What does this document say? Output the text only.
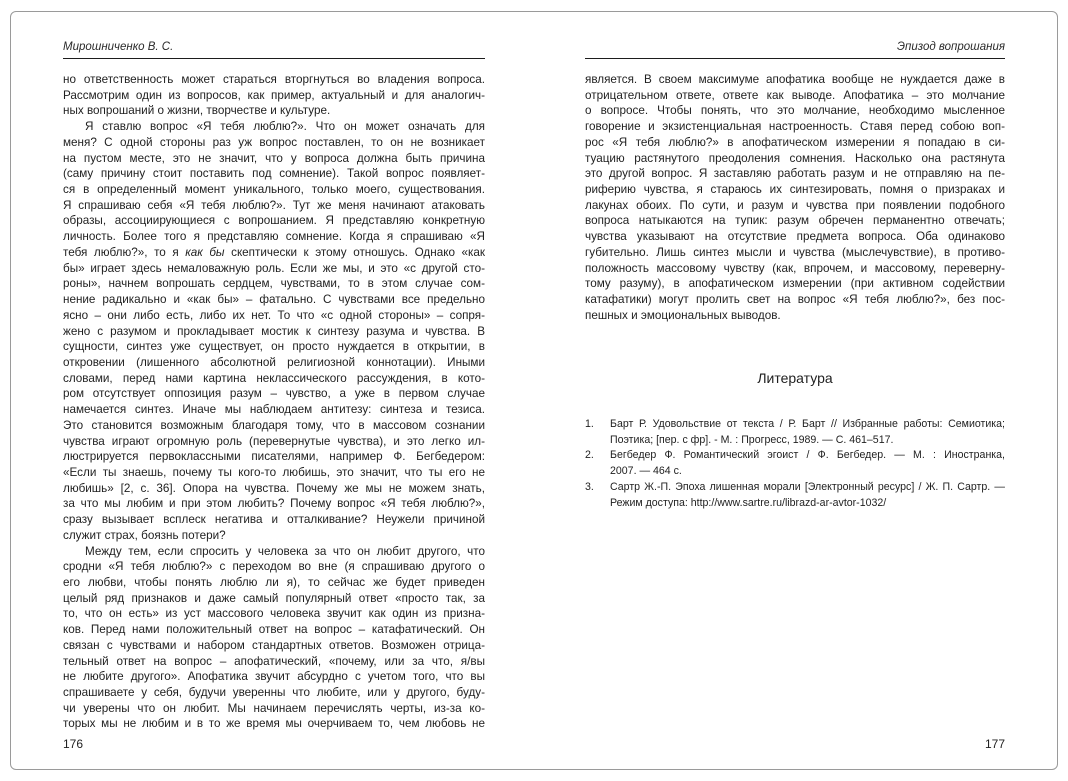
Мирошниченко В. С.
но ответственность может стараться вторгнуться во владения вопроса.
Рассмотрим один из вопросов, как пример, актуальный и для аналогич-
ных вопрошаний о жизни, творчестве и культуре.
Я ставлю вопрос «Я тебя люблю?». Что он может означать для
меня? С одной стороны раз уж вопрос поставлен, то он не возникает
на пустом месте, это не значит, что у вопроса должна быть причина
(саму причину стоит поставить под сомнение). Такой вопрос появляет-
ся в определенный момент уникального, только моего, существования.
Я спрашиваю себя «Я тебя люблю?». Тут же меня начинают атаковать
образы, ассоциирующиеся с вопрошанием. Я представляю конкретную
личность. Более того я представляю сомнение. Когда я спрашиваю «Я
тебя люблю?», то я как бы скептически к этому отношусь. Однако «как
бы» играет здесь немаловажную роль. Если же мы, и это «с другой сто-
роны», начнем вопрошать сердцем, чувствами, то в этом случае сом-
нение радикально и «как бы» – фатально. С чувствами все предельно
ясно – они либо есть, либо их нет. То что «с одной стороны» – сопря-
жено с разумом и прокладывает мостик к синтезу разума и чувства. В
сущности, синтез уже существует, он просто нуждается в открытии, в
откровении (лишенного абсолютной религиозной коннотации). Иными
словами, перед нами картина неклассического рассуждения, в кото-
ром отсутствует оппозиция разум – чувство, а уже в первом случае
намечается синтез. Иначе мы наблюдаем антитезу: синтеза и тезиса.
Это становится возможным благодаря тому, что в массовом сознании
чувства играют огромную роль (перевернутые чувства), и это легко ил-
люстрируется первоклассными писателями, например Ф. Бегбедером:
«Если ты знаешь, почему ты кого-то любишь, это значит, что ты его не
любишь» [2, с. 36]. Опора на чувства. Почему же мы не можем знать,
за что мы любим и при этом любить? Почему вопрос «Я тебя люблю?»,
сразу вызывает всплеск негатива и отталкивание? Неужели причиной
служит страх, боязнь потери?
Между тем, если спросить у человека за что он любит другого, что
сродни «Я тебя люблю?» с переходом во вне (я спрашиваю другого о
его любви, чтобы понять люблю ли я), то сейчас же будет приведен
целый ряд признаков и даже самый популярный ответ «просто так, за
то, что он есть» из уст массового человека звучит как один из призна-
ков. Перед нами положительный ответ на вопрос – катафатический. Он
связан с чувствами и набором стандартных ответов. Возможен отрица-
тельный ответ на вопрос – апофатический, «почему, или за что, я/вы
не любите другого». Апофатика звучит абсурдно с учетом того, что вы
спрашиваете у себя, будучи уверенны что любите, или у другого, буду-
чи уверены что он любит. Мы начинаем перечислять черты, из-за ко-
торых мы не любим и в то же время мы очерчиваем то, чем любовь не
176
Эпизод вопрошания
является. В своем максимуме апофатика вообще не нуждается даже в
отрицательном ответе, ответе как выводе. Апофатика – это молчание
о вопросе. Чтобы понять, что это молчание, необходимо мысленное
говорение и экзистенциальная настроенность. Ставя перед собою воп-
рос «Я тебя люблю?» в апофатическом измерении я попадаю в си-
туацию растянутого преодоления сомнения. Насколько она растянута
это другой вопрос. Я заставляю работать разум и не отправляю на пе-
риферию чувства, я стараюсь их синтезировать, помня о призраках и
лакунах обоих. По сути, и разум и чувства при появлении подобного
вопроса натыкаются на тупик: разум обречен перманентно отвечать;
чувства указывают на отсутствие предмета вопроса. Оба одинаково
губительно. Лишь синтез мысли и чувства (мыслечувствие), в противо-
положность массовому чувству (как, впрочем, и массовому, переверну-
тому разуму), в апофатическом измерении (при активном содействии
катафатики) могут пролить свет на вопрос «Я тебя люблю?», без пос-
пешных и эмоциональных выводов.
Литература
1.	Барт Р. Удовольствие от текста / Р. Барт // Избранные работы: Семиотика;
Поэтика; [пер. с фр]. - М. : Прогресс, 1989. — С. 461–517.
2.	Бегбедер Ф. Романтический эгоист / Ф. Бегбедер. — М. : Иностранка,
2007. — 464 с.
3.	Сартр Ж.-П. Эпоха лишенная морали [Электронный ресурс] / Ж. П. Сартр. —
Режим доступа: http://www.sartre.ru/librazd-ar-avtor-1032/
177
